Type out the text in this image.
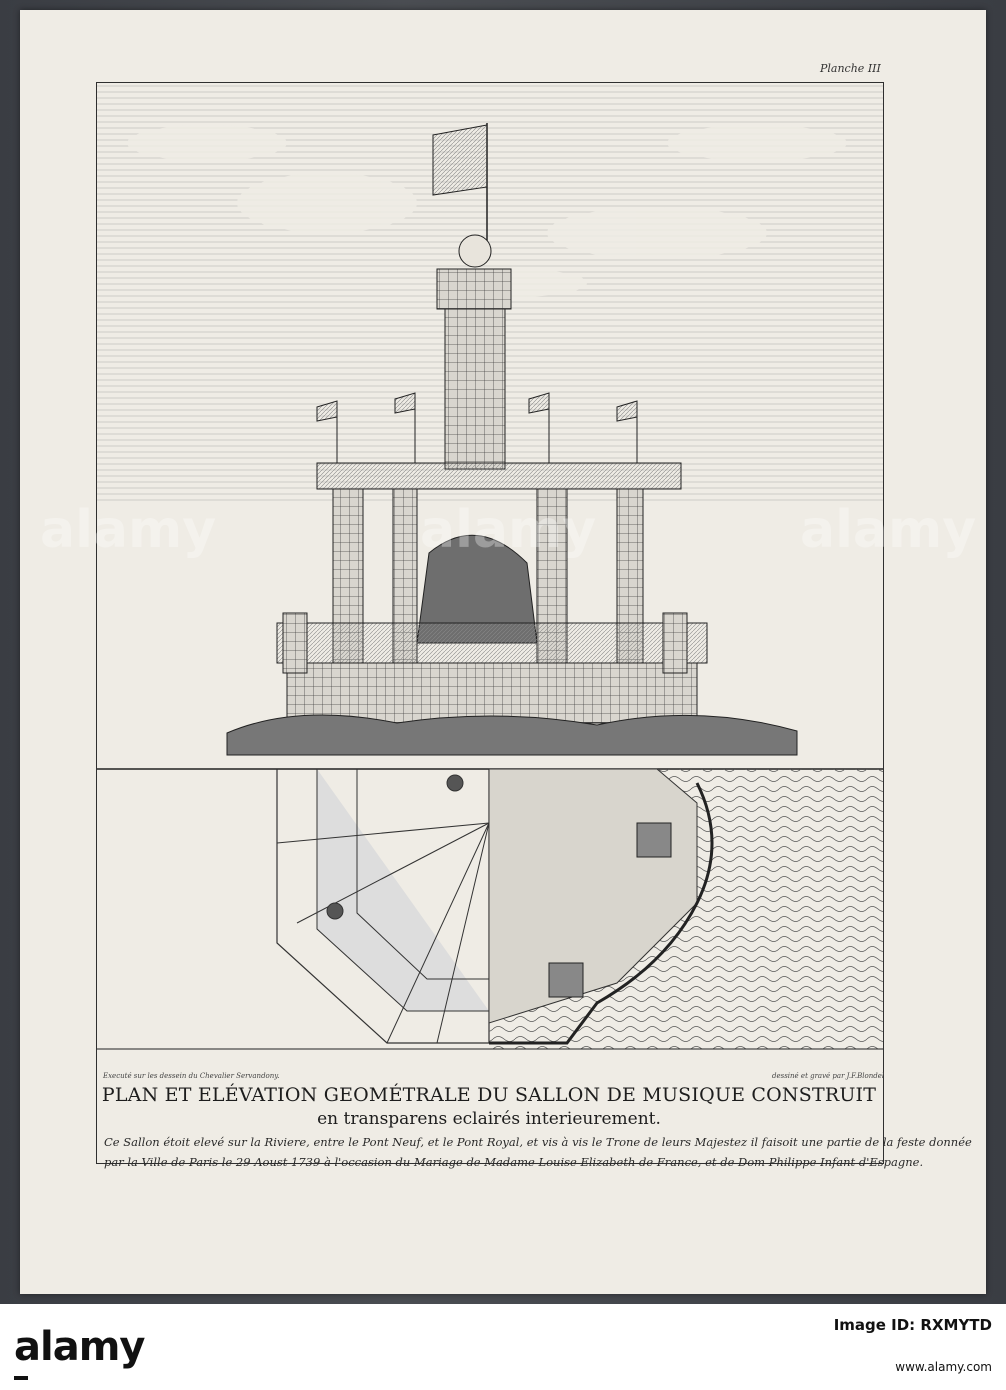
Planche III
Executé sur les dessein du Chevalier Servandony.	dessiné et gravé par J.F.Blondel
PLAN ET ELÉVATION GEOMÉTRALE DU SALLON DE MUSIQUE CONSTRUIT
en transparens eclairés interieurement.
Ce Sallon étoit elevé sur la Riviere, entre le Pont Neuf, et le Pont Royal, et vis à vis le Trone de leurs Majestez il faisoit une partie de la feste donnée
par la Ville de Paris le 29 Aoust 1739 à l'occasion du Mariage de Madame Louise Elizabeth de France, et de Dom Philippe Infant d'Espagne.
alamy	alamy	alamy
alamy	Image ID: RXMYTD
www.alamy.com
